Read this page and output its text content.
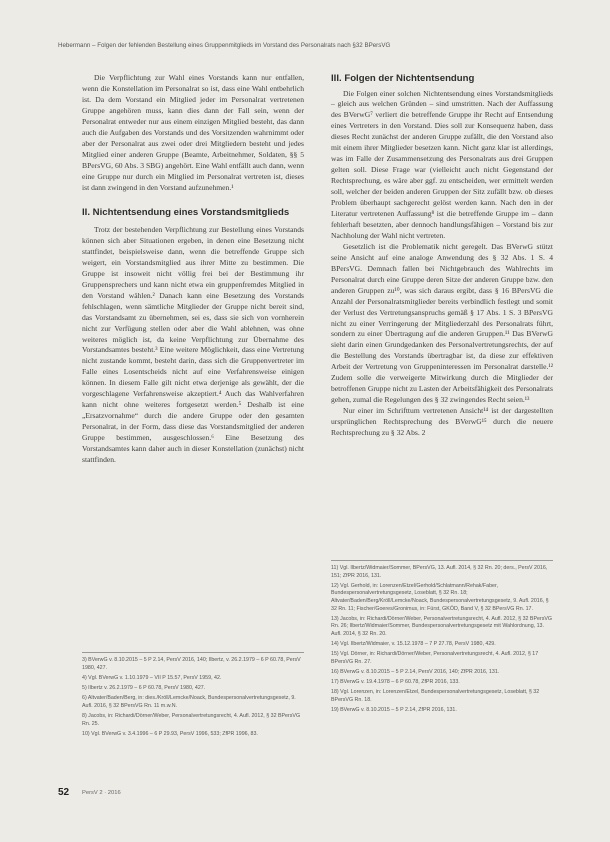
Hebermann – Folgen der fehlenden Bestellung eines Gruppenmitglieds im Vorstand des Personalrats nach §32 BPersVG

Die Verpflichtung zur Wahl eines Vorstands kann nur entfallen, wenn die Konstellation im Personalrat so ist, dass eine Wahl entbehrlich ist. Da dem Vorstand ein Mitglied jeder im Personalrat vertretenen Gruppe angehören muss, kann dies dann der Fall sein, wenn der Personalrat entweder nur aus einem einzigen Mitglied besteht, das dann auch die Aufgaben des Vorstands und des Vorsitzenden wahrnimmt oder aber der Personalrat aus zwei oder drei Mitgliedern besteht und jedes Mitglied einer anderen Gruppe (Beamte, Arbeitnehmer, Soldaten, §§ 5 BPersVG, 60 Abs. 3 SBG) angehört. Eine Wahl entfällt auch dann, wenn eine Gruppe nur durch ein Mitglied im Personalrat vertreten ist, dieses ist dann zwingend in den Vorstand aufzunehmen.¹

II. Nichtentsendung eines Vorstandsmitglieds

Trotz der bestehenden Verpflichtung zur Bestellung eines Vorstands können sich aber Situationen ergeben, in denen eine Besetzung nicht stattfindet, beispielsweise dann, wenn die betreffende Gruppe sich weigert, ein Vorstandsmitglied aus ihrer Mitte zu bestimmen. Die Gruppe ist insoweit nicht völlig frei bei der Bestimmung ihr Gruppensprechers und kann nicht etwa ein gruppenfremdes Mitglied in den Vorstand wählen.² Danach kann eine Besetzung des Vorstands fehlschlagen, wenn sämtliche Mitglieder der Gruppe nicht bereit sind, das Vorstandsamt zu übernehmen, sei es, dass sie sich von vornherein nicht zur Verfügung stellen oder aber die Wahl ablehnen, was ohne weiteres möglich ist, da keine Verpflichtung zur Übernahme des Vorstandsamtes besteht.³ Eine weitere Möglichkeit, dass eine Vertretung nicht zustande kommt, besteht darin, dass sich die Gruppenvertreter im Falle eines Losentscheids nicht auf eine Verfahrensweise einigen können. In diesem Falle gilt nicht etwa derjenige als gewählt, der die vorgeschlagene Verfahrensweise akzeptiert.⁴ Auch das Wahlverfahren kann nicht ohne weiteres fortgesetzt werden.⁵ Deshalb ist eine „Ersatzvornahme“ durch die andere Gruppe oder den gesamten Personalrat, in der Form, dass diese das Vorstandsmitglied der anderen Gruppe bestimmen, ausgeschlossen.⁶ Eine Besetzung des Vorstandsamtes kann daher auch in dieser Konstellation (zunächst) nicht stattfinden.

III. Folgen der Nichtentsendung

Die Folgen einer solchen Nichtentsendung eines Vorstandsmitglieds – gleich aus welchen Gründen – sind umstritten. Nach der Auffassung des BVerwG⁷ verliert die betreffende Gruppe ihr Recht auf Entsendung eines Vertreters in den Vorstand. Dies soll zur Konsequenz haben, dass dieses Recht zunächst der anderen Gruppe zufällt, die den Vorstand also mit einem ihrer Mitglieder besetzen kann. Nicht ganz klar ist allerdings, was im Falle der Zusammensetzung des Personalrats aus drei Gruppen gelten soll. Diese Frage war (vielleicht auch nicht Gegenstand der Rechtsprechung, es wäre aber ggf. zu entscheiden, wer ermittelt werden soll, welcher der beiden anderen Gruppen der Sitz zufällt bzw. ob dieses Problem überhaupt sachgerecht gelöst werden kann. Nach den in der Literatur vertretenen Auffassung⁸ ist die betreffende Gruppe im – dann fehlerhaft besetzten, aber dennoch handlungsfähigen – Vorstand bis zur Nachholung der Wahl nicht vertreten.

Gesetzlich ist die Problematik nicht geregelt. Das BVerwG stützt seine Ansicht auf eine analoge Anwendung des § 32 Abs. 1 S. 4 BPersVG. Demnach fallen bei Nichtgebrauch des Wahlrechts im Personalrat durch eine Gruppe deren Sitze der anderen Gruppe bzw. den anderen Gruppen zu¹⁰, was sich daraus ergibt, dass § 16 BPersVG die Anzahl der Personalratsmitglieder bereits verbindlich festlegt und somit der Verlust des Vertretungsanspruchs gemäß § 17 Abs. 1 S. 3 BPersVG nicht zu einer Verringerung der Mitgliederzahl des Personalrats führt, sondern zu einer Übertragung auf die anderen Gruppen.¹¹ Das BVerwG sieht darin einen Grundgedanken des Personalvertretungsrechts, der auf die Bestellung des Vorstands übertragbar ist, da diese zur effektiven Arbeit der Vertretung von Gruppeninteressen im Personalrat darstelle.¹² Zudem solle die verweigerte Mitwirkung durch die Mitglieder der betroffenen Gruppe nicht zu Lasten der Arbeitsfähigkeit des Personalrats gehen, zumal die Regelungen des § 32 zwingendes Recht seien.¹³

Nur einer im Schrifttum vertretenen Ansicht¹⁴ ist der dargestellten ursprünglichen Rechtsprechung des BVerwG¹⁵ durch die neuere Rechtsprechung zu § 32 Abs. 2

3) BVerwG v. 8.10.2015 – 5 P 2.14, PersV 2016, 140; Ilbertz, v. 26.2.1979 – 6 P 60.78, PersV 1980, 427.

4) Vgl. BVerwG v. 1.10.1979 – VII P 15.57, PersV 1959, 42.

5) Ilbertz v. 26.2.1979 – 6 P 60.78, PersV 1980, 427.

6) Altvater/Baden/Berg, in: dies./Kröll/Lemcke/Noack, Bundespersonalvertretungsgesetz, 9. Aufl. 2016, § 32 BPersVG Rn. 11 m.w.N.

8) Jacobs, in: Richardi/Dörner/Weber, Personalvertretungsrecht, 4. Aufl. 2012, § 32 BPersVG Rn. 25.

10) Vgl. BVerwG v. 3.4.1996 – 6 P 29.93, PersV 1996, 533; ZfPR 1996, 83.

11) Vgl. Ilbertz/Widmaier/Sommer, BPersVG, 13. Aufl. 2014, § 32 Rn. 20; ders., PersV 2016, 151; ZfPR 2016, 131.

12) Vgl. Gerhold, in: Lorenzen/Etzel/Gerhold/Schlatmann/Rehak/Faber, Bundespersonalvertretungsgesetz, Loseblatt, § 32 Rn. 18; Altvater/Baden/Berg/Kröll/Lemcke/Noack, Bundespersonalvertretungsgesetz, 9. Aufl. 2016, § 32 Rn. 11; Fischer/Goeres/Gronimus, in: Fürst, GKÖD, Band V, § 32 BPersVG Rn. 17.

13) Jacobs, in: Richardi/Dörner/Weber, Personalvertretungsrecht, 4. Aufl. 2012, § 32 BPersVG Rn. 26; Ilbertz/Widmaier/Sommer, Bundespersonalvertretungsgesetz mit Wahlordnung, 13. Aufl. 2014, § 32 Rn. 20.

14) Vgl. Ilbertz/Widmaier, v. 15.12.1978 – 7 P 27.78, PersV 1980, 429.

15) Vgl. Dörner, in: Richardi/Dörner/Weber, Personalvertretungsrecht, 4. Aufl. 2012, § 17 BPersVG Rn. 27.

16) BVerwG v. 8.10.2015 – 5 P 2.14, PersV 2016, 140; ZfPR 2016, 131.

17) BVerwG v. 19.4.1978 – 6 P 60.78, ZfPR 2016, 133.

18) Vgl. Lorenzen, in: Lorenzen/Etzel, Bundespersonalvertretungsgesetz, Loseblatt, § 32 BPersVG Rn. 18.

19) BVerwG v. 8.10.2015 – 5 P 2.14, ZfPR 2016, 131.

52 PersV 2 · 2016
